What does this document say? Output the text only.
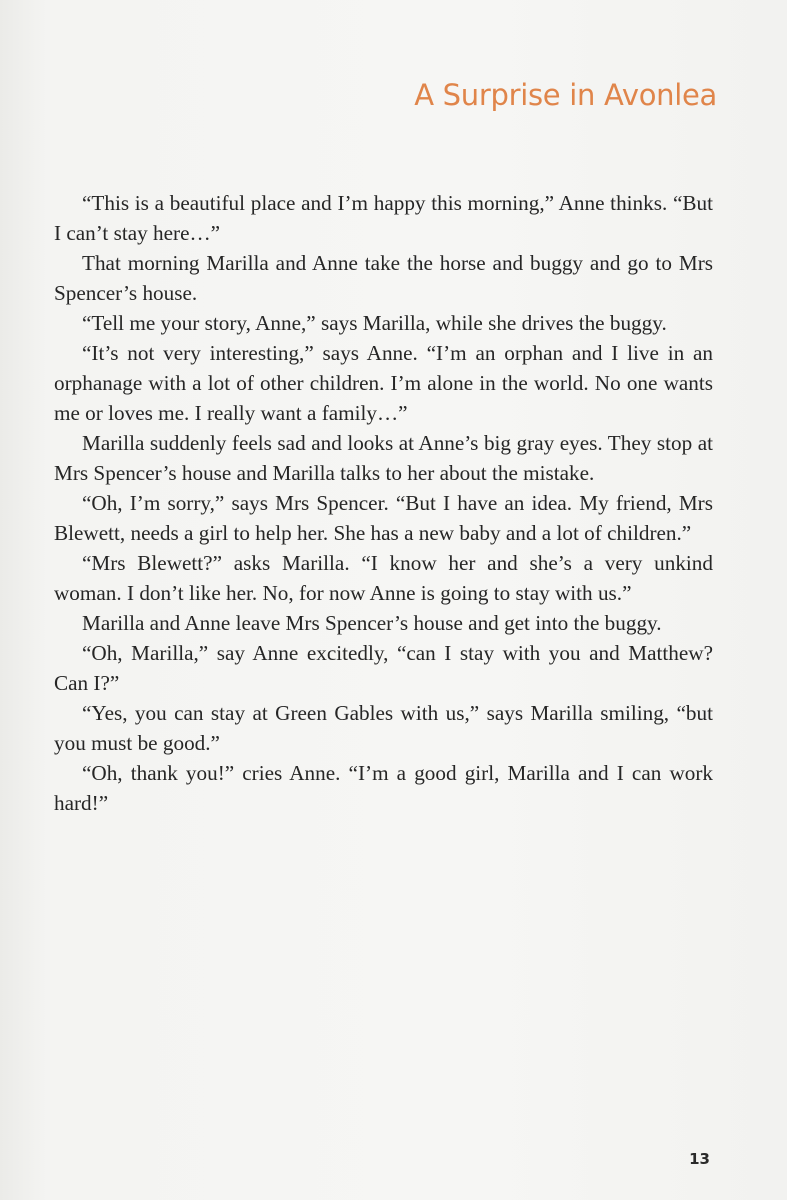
A Surprise in Avonlea

“This is a beautiful place and I’m happy this morning,” Anne thinks. “But I can’t stay here…”

That morning Marilla and Anne take the horse and buggy and go to Mrs Spencer’s house.

“Tell me your story, Anne,” says Marilla, while she drives the buggy.

“It’s not very interesting,” says Anne. “I’m an orphan and I live in an orphanage with a lot of other children. I’m alone in the world. No one wants me or loves me. I really want a family…”

Marilla suddenly feels sad and looks at Anne’s big gray eyes. They stop at Mrs Spencer’s house and Marilla talks to her about the mistake.

“Oh, I’m sorry,” says Mrs Spencer. “But I have an idea. My friend, Mrs Blewett, needs a girl to help her. She has a new baby and a lot of children.”

“Mrs Blewett?” asks Marilla. “I know her and she’s a very unkind woman. I don’t like her. No, for now Anne is going to stay with us.”

Marilla and Anne leave Mrs Spencer’s house and get into the buggy.

“Oh, Marilla,” say Anne excitedly, “can I stay with you and Matthew? Can I?”

“Yes, you can stay at Green Gables with us,” says Marilla smiling, “but you must be good.”

“Oh, thank you!” cries Anne. “I’m a good girl, Marilla and I can work hard!”

13
